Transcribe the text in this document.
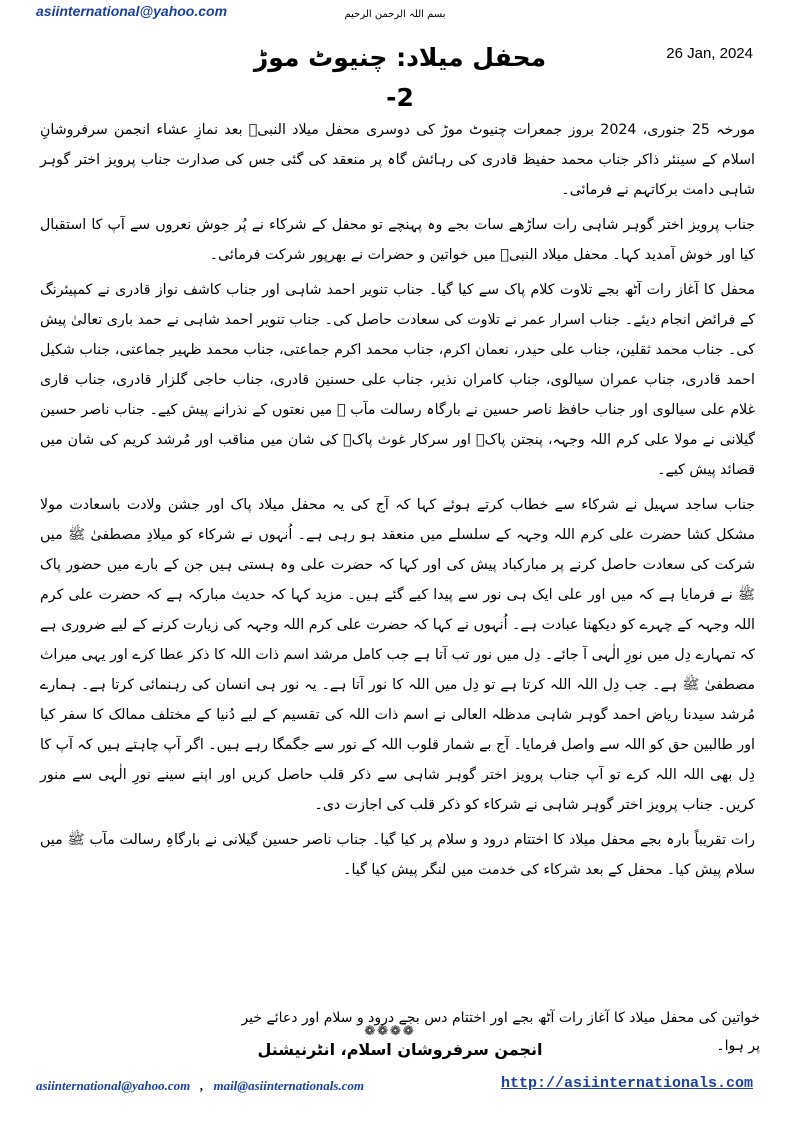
asiinternational@yahoo.com	بسم اللہ الرحمن الرحیم
محفل میلاد: چنیوٹ موڑ
2-
26 Jan, 2024

مورخہ 25 جنوری، 2024 بروز جمعرات چنیوٹ موڑ کی دوسری محفل میلاد النبیؐ بعد نمازِ عشاء انجمن سرفروشانِ اسلام کے سینئر ذاکر جناب محمد حفیظ قادری کی رہائش گاہ پر منعقد کی گئی جس کی صدارت جناب پرویز اختر گوہر شاہی دامت برکاتہم نے فرمائی۔

جناب پرویز اختر گوہر شاہی رات ساڑھے سات بجے وہ پہنچے تو محفل کے شرکاء نے پُر جوش نعروں سے آپ کا استقبال کیا اور خوش آمدید کہا۔ محفل میلاد النبیؐ میں خواتین و حضرات نے بھرپور شرکت فرمائی۔

محفل کا آغاز رات آٹھ بجے تلاوت کلام پاک سے کیا گیا۔ جناب تنویر احمد شاہی اور جناب کاشف نواز قادری نے کمپیئرنگ کے فرائض انجام دیئے۔ جناب اسرار عمر نے تلاوت کی سعادت حاصل کی۔ جناب تنویر احمد شاہی نے حمد باری تعالیٰ پیش کی۔ جناب محمد ثقلین، جناب علی حیدر، نعمان اکرم، جناب محمد اکرم جماعتی، جناب محمد ظہیر جماعتی، جناب شکیل احمد قادری، جناب عمران سیالوی، جناب کامران نذیر، جناب علی حسنین قادری، جناب حاجی گلزار قادری، جناب قاری غلام علی سیالوی اور جناب حافظ ناصر حسین نے بارگاہ رسالت مآب ﷺ میں نعتوں کے نذرانے پیش کیے۔ جناب ناصر حسین گیلانی نے مولا علی کرم اللہ وجہہ، پنجتن پاکؑ اور سرکار غوث پاکؒ کی شان میں مناقب اور مُرشد کریم کی شان میں قصائد پیش کیے۔

جناب ساجد سہیل نے شرکاء سے خطاب کرتے ہوئے کہا کہ آج کی یہ محفل میلاد پاک اور جشن ولادت باسعادت مولا مشکل کشا حضرت علی کرم اللہ وجہہ کے سلسلے میں منعقد ہو رہی ہے۔ اُنہوں نے شرکاء کو میلادِ مصطفیٰ ﷺ میں شرکت کی سعادت حاصل کرنے پر مبارکباد پیش کی اور کہا کہ حضرت علی وہ ہستی ہیں جن کے بارے میں حضور پاک ﷺ نے فرمایا ہے کہ میں اور علی ایک ہی نور سے پیدا کیے گئے ہیں۔ مزید کہا کہ حدیث مبارکہ ہے کہ حضرت علی کرم اللہ وجہہ کے چہرے کو دیکھنا عبادت ہے۔ اُنہوں نے کہا کہ حضرت علی کرم اللہ وجہہ کی زیارت کرنے کے لیے ضروری ہے کہ تمہارے دِل میں نورِ الٰہی آ جائے۔ دِل میں نور تب آتا ہے جب کامل مرشد اسم ذات اللہ کا ذکر عطا کرے اور یہی میراث مصطفیٰ ﷺ ہے۔ جب دِل اللہ اللہ کرتا ہے تو دِل میں اللہ کا نور آتا ہے۔ یہ نور ہی انسان کی رہنمائی کرتا ہے۔ ہمارے مُرشد سیدنا ریاض احمد گوہر شاہی مدظلہ العالی نے اسم ذات اللہ کی تقسیم کے لیے دُنیا کے مختلف ممالک کا سفر کیا اور طالبین حق کو اللہ سے واصل فرمایا۔ آج بے شمار قلوب اللہ کے نور سے جگمگا رہے ہیں۔ اگر آپ چاہتے ہیں کہ آپ کا دِل بھی اللہ اللہ کرے تو آپ جناب پرویز اختر گوہر شاہی سے ذکر قلب حاصل کریں اور اپنے سینے نورِ الٰہی سے منور کریں۔ جناب پرویز اختر گوہر شاہی نے شرکاء کو ذکر قلب کی اجازت دی۔

رات تقریباً بارہ بجے محفل میلاد کا اختتام درود و سلام پر کیا گیا۔ جناب ناصر حسین گیلانی نے بارگاہِ رسالت مآب ﷺ میں سلام پیش کیا۔ محفل کے بعد شرکاء کی خدمت میں لنگر پیش کیا گیا۔

خواتین کی محفل میلاد کا آغاز رات آٹھ بجے اور اختتام دس بجے درود و سلام اور دعائے خیر پر ہوا۔
❁❁❁❁
انجمن سرفروشان اسلام، انٹرنیشنل
asiinternational@yahoo.com , mail@asiinternationals.com	http://asiinternationals.com
